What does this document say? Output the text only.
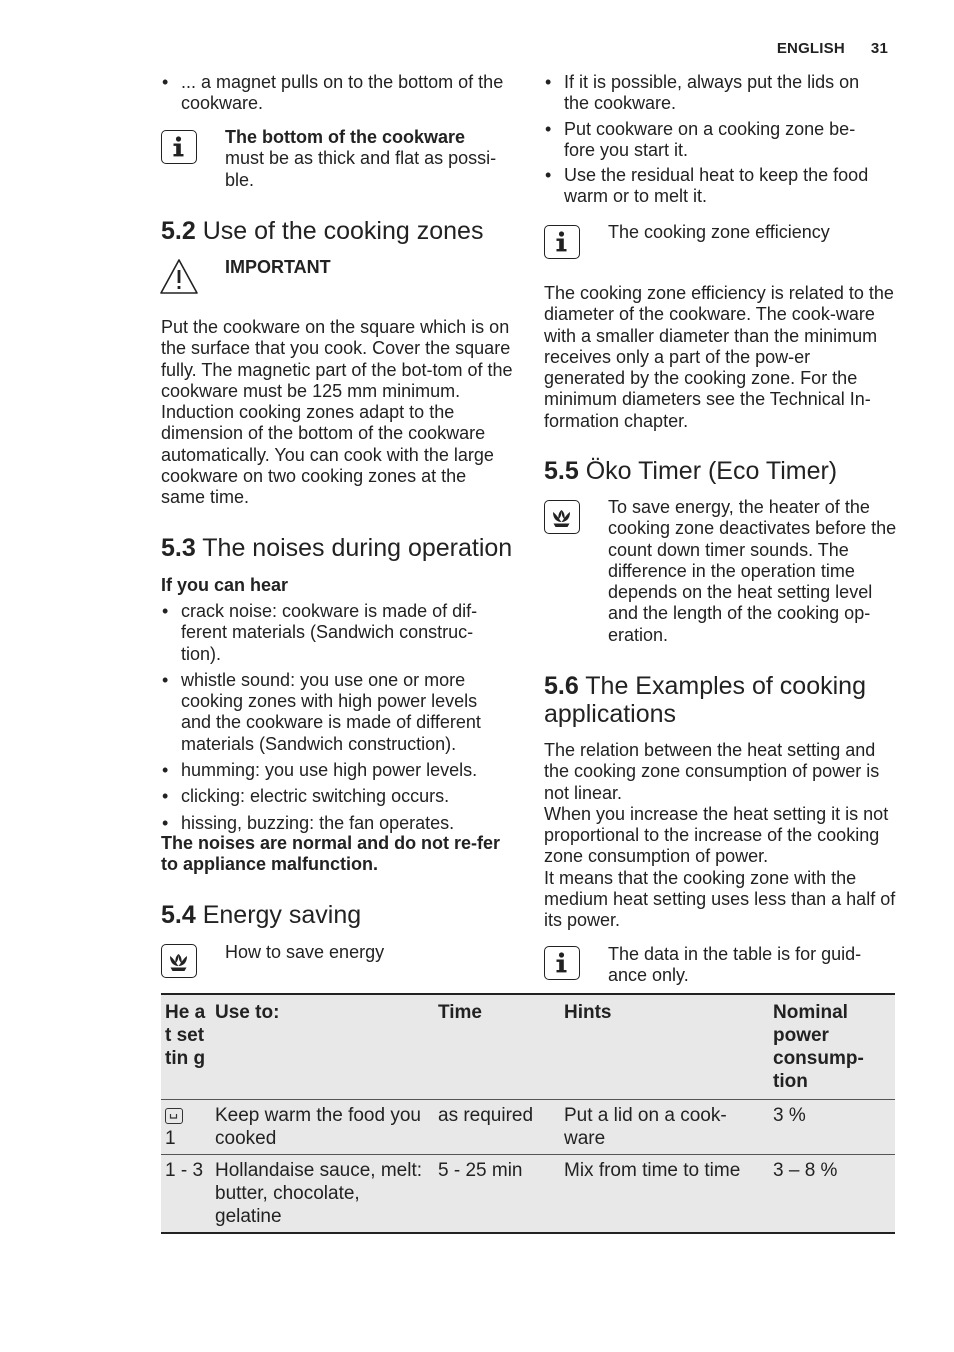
ENGLISH 31

• ... a magnet pulls on to the bottom of the cookware.

The bottom of the cookware
must be as thick and flat as possi-ble.
5.2 Use of the cooking zones
IMPORTANT

Put the cookware on the square which is on the surface that you cook. Cover the square fully. The magnetic part of the bot-tom of the cookware must be 125 mm minimum. Induction cooking zones adapt to the dimension of the bottom of the cookware automatically. You can cook with the large cookware on two cooking zones at the same time.

5.3 The noises during operation
If you can hear

• crack noise: cookware is made of dif-ferent materials (Sandwich construc-tion).

• whistle sound: you use one or more cooking zones with high power levels and the cookware is made of different materials (Sandwich construction).

• humming: you use high power levels.

• clicking: electric switching occurs.

• hissing, buzzing: the fan operates.

The noises are normal and do not re-fer to appliance malfunction.

5.4 Energy saving
How to save energy

• If it is possible, always put the lids on the cookware.

• Put cookware on a cooking zone be-fore you start it.

• Use the residual heat to keep the food warm or to melt it.

The cooking zone efficiency

The cooking zone efficiency is related to the diameter of the cookware. The cook-ware with a smaller diameter than the minimum receives only a part of the pow-er generated by the cooking zone. For the minimum diameters see the Technical In-formation chapter.

5.5 Öko Timer (Eco Timer)

To save energy, the heater of the cooking zone deactivates before the count down timer sounds. The difference in the operation time depends on the heat setting level and the length of the cooking op-eration.

5.6 The Examples of cooking applications

The relation between the heat setting and the cooking zone consumption of power is not linear.

When you increase the heat setting it is not proportional to the increase of the cooking zone consumption of power.

It means that the cooking zone with the medium heat setting uses less than a half of its power.

The data in the table is for guid-ance only.

He at set tin g	Use to:	Time	Hints	Nominal power consump-tion

1	Keep warm the food you cooked	as required	Put a lid on a cook-ware	3 %
1 - 3	Hollandaise sauce, melt: butter, chocolate, gelatine	5 - 25 min	Mix from time to time	3 – 8 %
